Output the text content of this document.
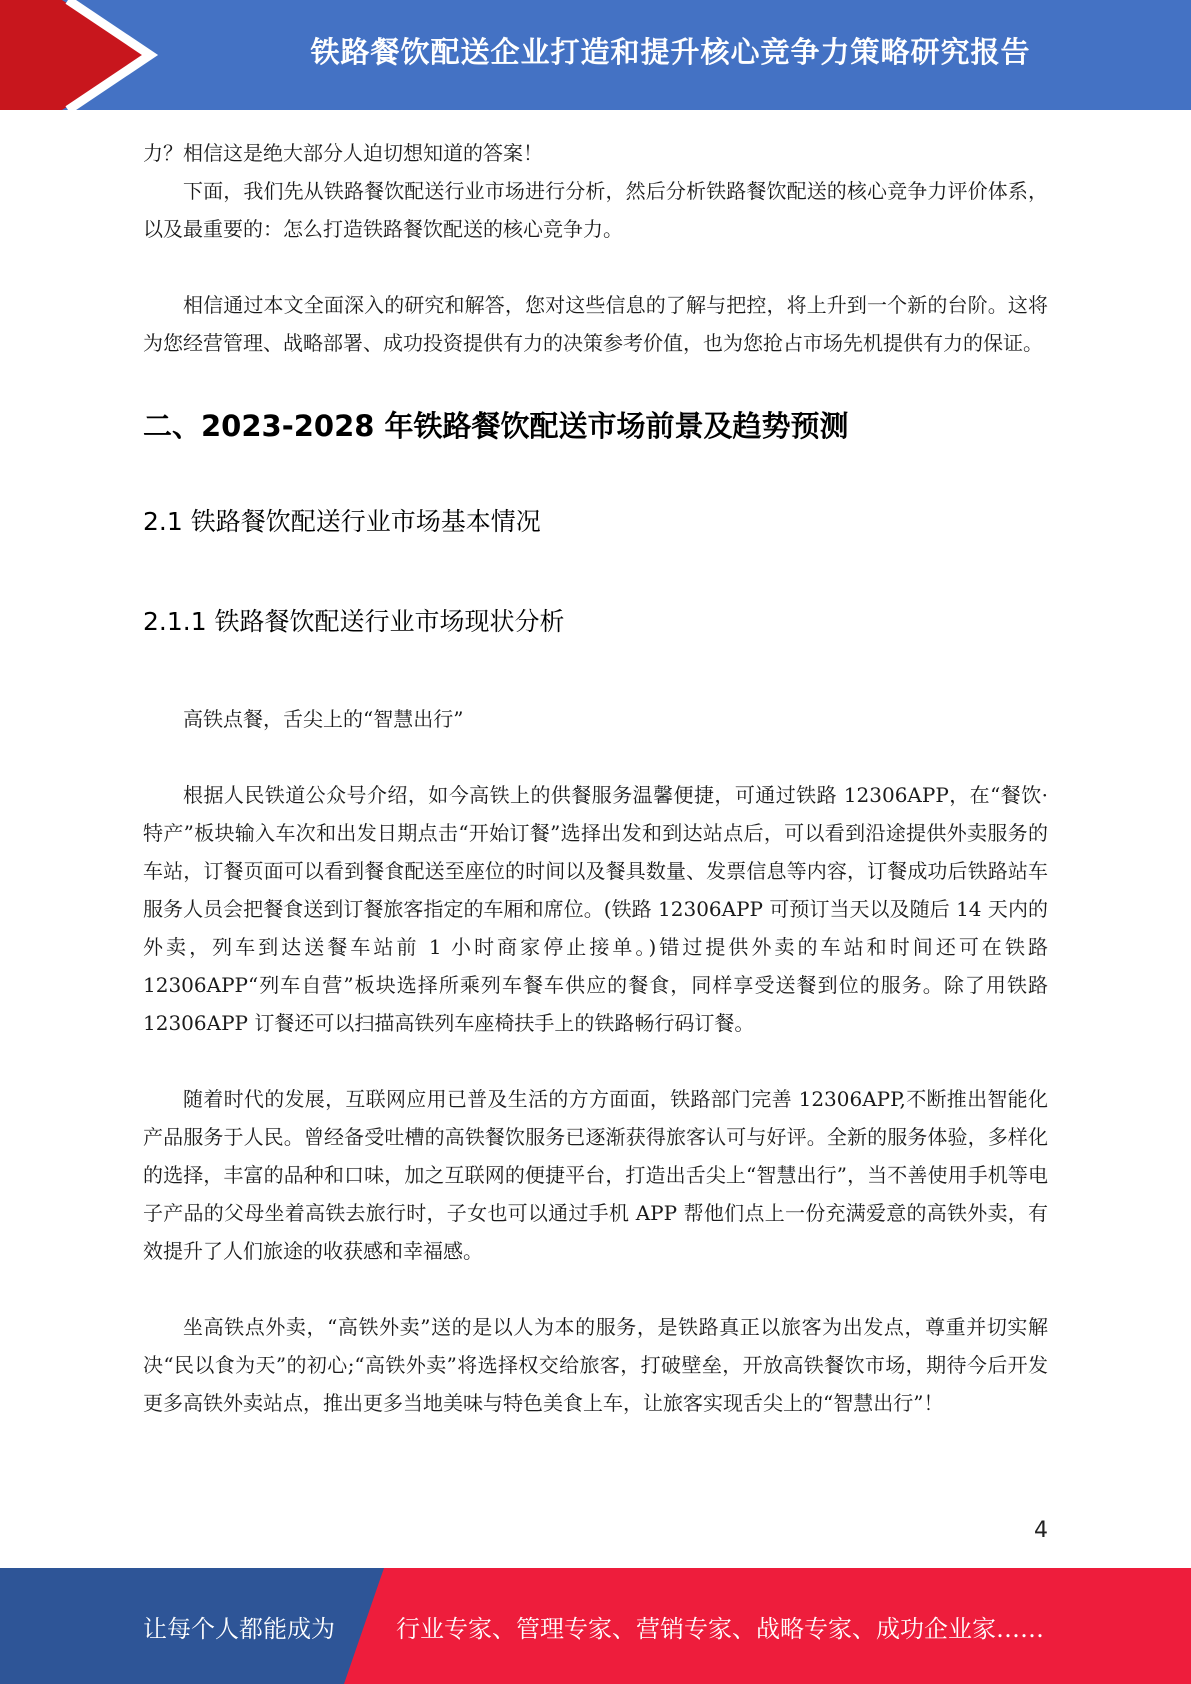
铁路餐饮配送企业打造和提升核心竞争力策略研究报告

力？相信这是绝大部分人迫切想知道的答案！

下面，我们先从铁路餐饮配送行业市场进行分析，然后分析铁路餐饮配送的核心竞争力评价体系，以及最重要的：怎么打造铁路餐饮配送的核心竞争力。

相信通过本文全面深入的研究和解答，您对这些信息的了解与把控，将上升到一个新的台阶。这将为您经营管理、战略部署、成功投资提供有力的决策参考价值，也为您抢占市场先机提供有力的保证。

二、2023-2028 年铁路餐饮配送市场前景及趋势预测
2.1 铁路餐饮配送行业市场基本情况
2.1.1 铁路餐饮配送行业市场现状分析

高铁点餐，舌尖上的“智慧出行”

根据人民铁道公众号介绍，如今高铁上的供餐服务温馨便捷，可通过铁路 12306APP，在“餐饮·特产”板块输入车次和出发日期点击“开始订餐”选择出发和到达站点后，可以看到沿途提供外卖服务的车站，订餐页面可以看到餐食配送至座位的时间以及餐具数量、发票信息等内容，订餐成功后铁路站车服务人员会把餐食送到订餐旅客指定的车厢和席位。(铁路 12306APP 可预订当天以及随后 14 天内的外卖，列车到达送餐车站前 1 小时商家停止接单。)错过提供外卖的车站和时间还可在铁路 12306APP“列车自营”板块选择所乘列车餐车供应的餐食，同样享受送餐到位的服务。除了用铁路 12306APP 订餐还可以扫描高铁列车座椅扶手上的铁路畅行码订餐。

随着时代的发展，互联网应用已普及生活的方方面面，铁路部门完善 12306APP,不断推出智能化产品服务于人民。曾经备受吐槽的高铁餐饮服务已逐渐获得旅客认可与好评。全新的服务体验，多样化的选择，丰富的品种和口味，加之互联网的便捷平台，打造出舌尖上“智慧出行”，当不善使用手机等电子产品的父母坐着高铁去旅行时，子女也可以通过手机 APP 帮他们点上一份充满爱意的高铁外卖，有效提升了人们旅途的收获感和幸福感。

坐高铁点外卖，“高铁外卖”送的是以人为本的服务，是铁路真正以旅客为出发点，尊重并切实解决“民以食为天”的初心;“高铁外卖”将选择权交给旅客，打破壁垒，开放高铁餐饮市场，期待今后开发更多高铁外卖站点，推出更多当地美味与特色美食上车，让旅客实现舌尖上的“智慧出行”！

4
让每个人都能成为	行业专家、管理专家、营销专家、战略专家、成功企业家……
